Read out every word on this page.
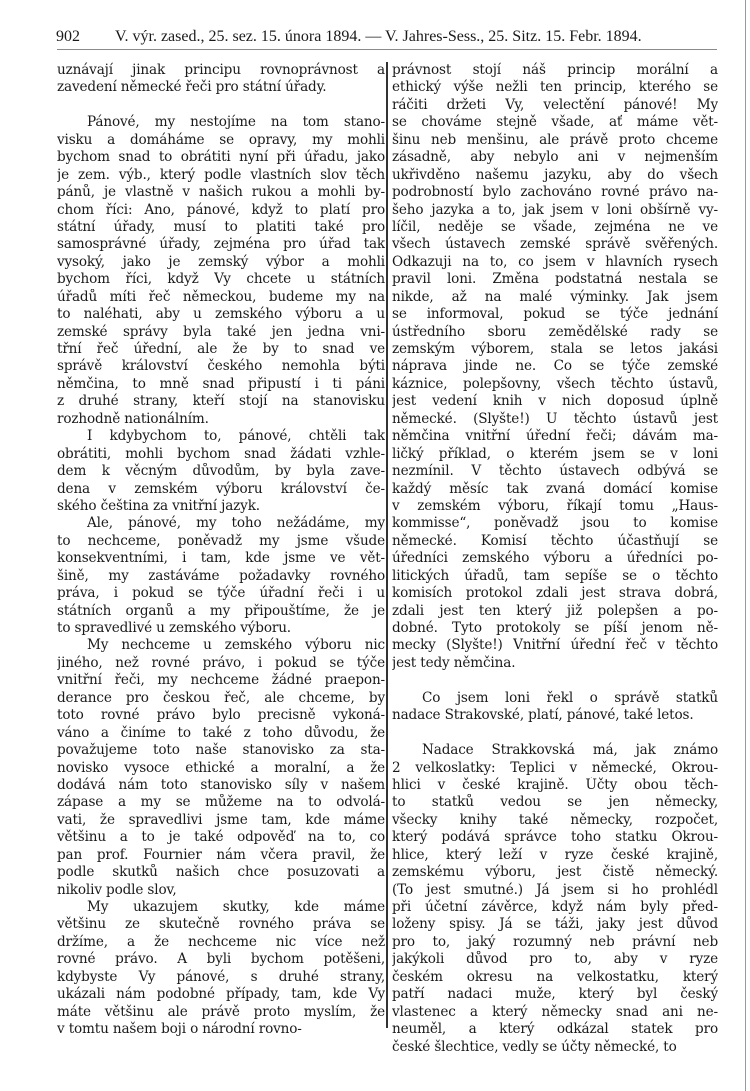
902 V. výr. zased., 25. sez. 15. února 1894. — V. Jahres-Sess., 25. Sitz. 15. Febr. 1894.
uznávají jinak principu rovnoprávnost a
zavedení německé řeči pro státní úřady.
Pánové, my nestojíme na tom stano-
visku a domáháme se opravy, my mohli
bychom snad to obrátiti nyní při úřadu, jako
je zem. výb., který podle vlastních slov těch
pánů, je vlastně v našich rukou a mohli by-
chom říci: Ano, pánové, když to platí pro
státní úřady, musí to platiti také pro
samosprávné úřady, zejména pro úřad tak
vysoký, jako je zemský výbor a mohli
bychom říci, když Vy chcete u státních
úřadů míti řeč německou, budeme my na
to naléhati, aby u zemského výboru a u
zemské správy byla také jen jedna vni-
třní řeč úřední, ale že by to snad ve
správě království českého nemohla býti
němčina, to mně snad připustí i ti páni
z druhé strany, kteří stojí na stanovisku
rozhodně nationálním.
I kdybychom to, pánové, chtěli tak
obrátiti, mohli bychom snad žádati vzhle-
dem k věcným důvodům, by byla zave-
dena v zemském výboru království če-
ského čeština za vnitřní jazyk.
Ale, pánové, my toho nežádáme, my
to nechceme, poněvadž my jsme všude
konsekventními, i tam, kde jsme ve vět-
šině, my zastáváme požadavky rovného
práva, i pokud se týče úřadní řeči i u
státních organů a my připouštíme, že je
to spravedlivé u zemského výboru.
My nechceme u zemského výboru nic
jiného, než rovné právo, i pokud se týče
vnitřní řeči, my nechceme žádné praepon-
derance pro českou řeč, ale chceme, by
toto rovné právo bylo precisně vykoná-
váno a činíme to také z toho důvodu, že
považujeme toto naše stanovisko za sta-
novisko vysoce ethické a moralní, a že
dodává nám toto stanovisko síly v našem
zápase a my se můžeme na to odvolá-
vati, že spravedlivi jsme tam, kde máme
většinu a to je také odpověď na to, co
pan prof. Fournier nám včera pravil, že
podle skutků našich chce posuzovati a
nikoliv podle slov,
My ukazujem skutky, kde máme
většinu ze skutečně rovného práva se
držíme, a že nechceme nic více než
rovné právo. A byli bychom potěšeni,
kdybyste Vy pánové, s druhé strany,
ukázali nám podobné případy, tam, kde Vy
máte většinu ale právě proto myslím, že
v tomtu našem boji o národní rovno-
právnost stojí náš princip morální a
ethický výše nežli ten princip, kterého se
ráčiti držeti Vy, velectění pánové! My
se chováme stejně všade, ať máme vět-
šinu neb menšinu, ale právě proto chceme
zásadně, aby nebylo ani v nejmenším
ukřivděno našemu jazyku, aby do všech
podrobností bylo zachováno rovné právo na-
šeho jazyka a to, jak jsem v loni obšírně vy-
líčil, neděje se všade, zejména ne ve
všech ústavech zemské správě svěřených.
Odkazuji na to, co jsem v hlavních rysech
pravil loni. Změna podstatná nestala se
nikde, až na malé výminky. Jak jsem
se informoval, pokud se týče jednání
ústředního sboru zemědělské rady se
zemským výborem, stala se letos jakási
náprava jinde ne. Co se týče zemské
káznice, polepšovny, všech těchto ústavů,
jest vedení knih v nich doposud úplně
německé. (Slyšte!) U těchto ústavů jest
němčina vnitřní úřední řeči; dávám ma-
ličký příklad, o kterém jsem se v loni
nezmínil. V těchto ústavech odbývá se
každý měsíc tak zvaná domácí komise
v zemském výboru, říkají tomu „Haus-
kommisse“, poněvadž jsou to komise
německé. Komisí těchto účastňují se
úředníci zemského výboru a úředníci po-
litických úřadů, tam sepíše se o těchto
komisích protokol zdali jest strava dobrá,
zdali jest ten který již polepšen a po-
dobné. Tyto protokoly se píší jenom ně-
mecky (Slyšte!) Vnitřní úřední řeč v těchto
jest tedy němčina.
Co jsem loni řekl o správě statků
nadace Strakovské, platí, pánové, také letos.
Nadace Strakkovská má, jak známo
2 velkoslatky: Teplici v německé, Okrou-
hlici v české krajině. Účty obou těch-
to statků vedou se jen německy,
všecky knihy také německy, rozpočet,
který podává správce toho statku Okrou-
hlice, který leží v ryze české krajině,
zemskému výboru, jest čistě německý.
(To jest smutné.) Já jsem si ho prohlédl
při účetní závěrce, když nám byly před-
loženy spisy. Já se táži, jaky jest důvod
pro to, jaký rozumný neb právní neb
jakýkoli důvod pro to, aby v ryze
českém okresu na velkostatku, který
patří nadaci muže, který byl český
vlastenec a který německy snad ani ne-
neuměl, a který odkázal statek pro
české šlechtice, vedly se účty německé, to
